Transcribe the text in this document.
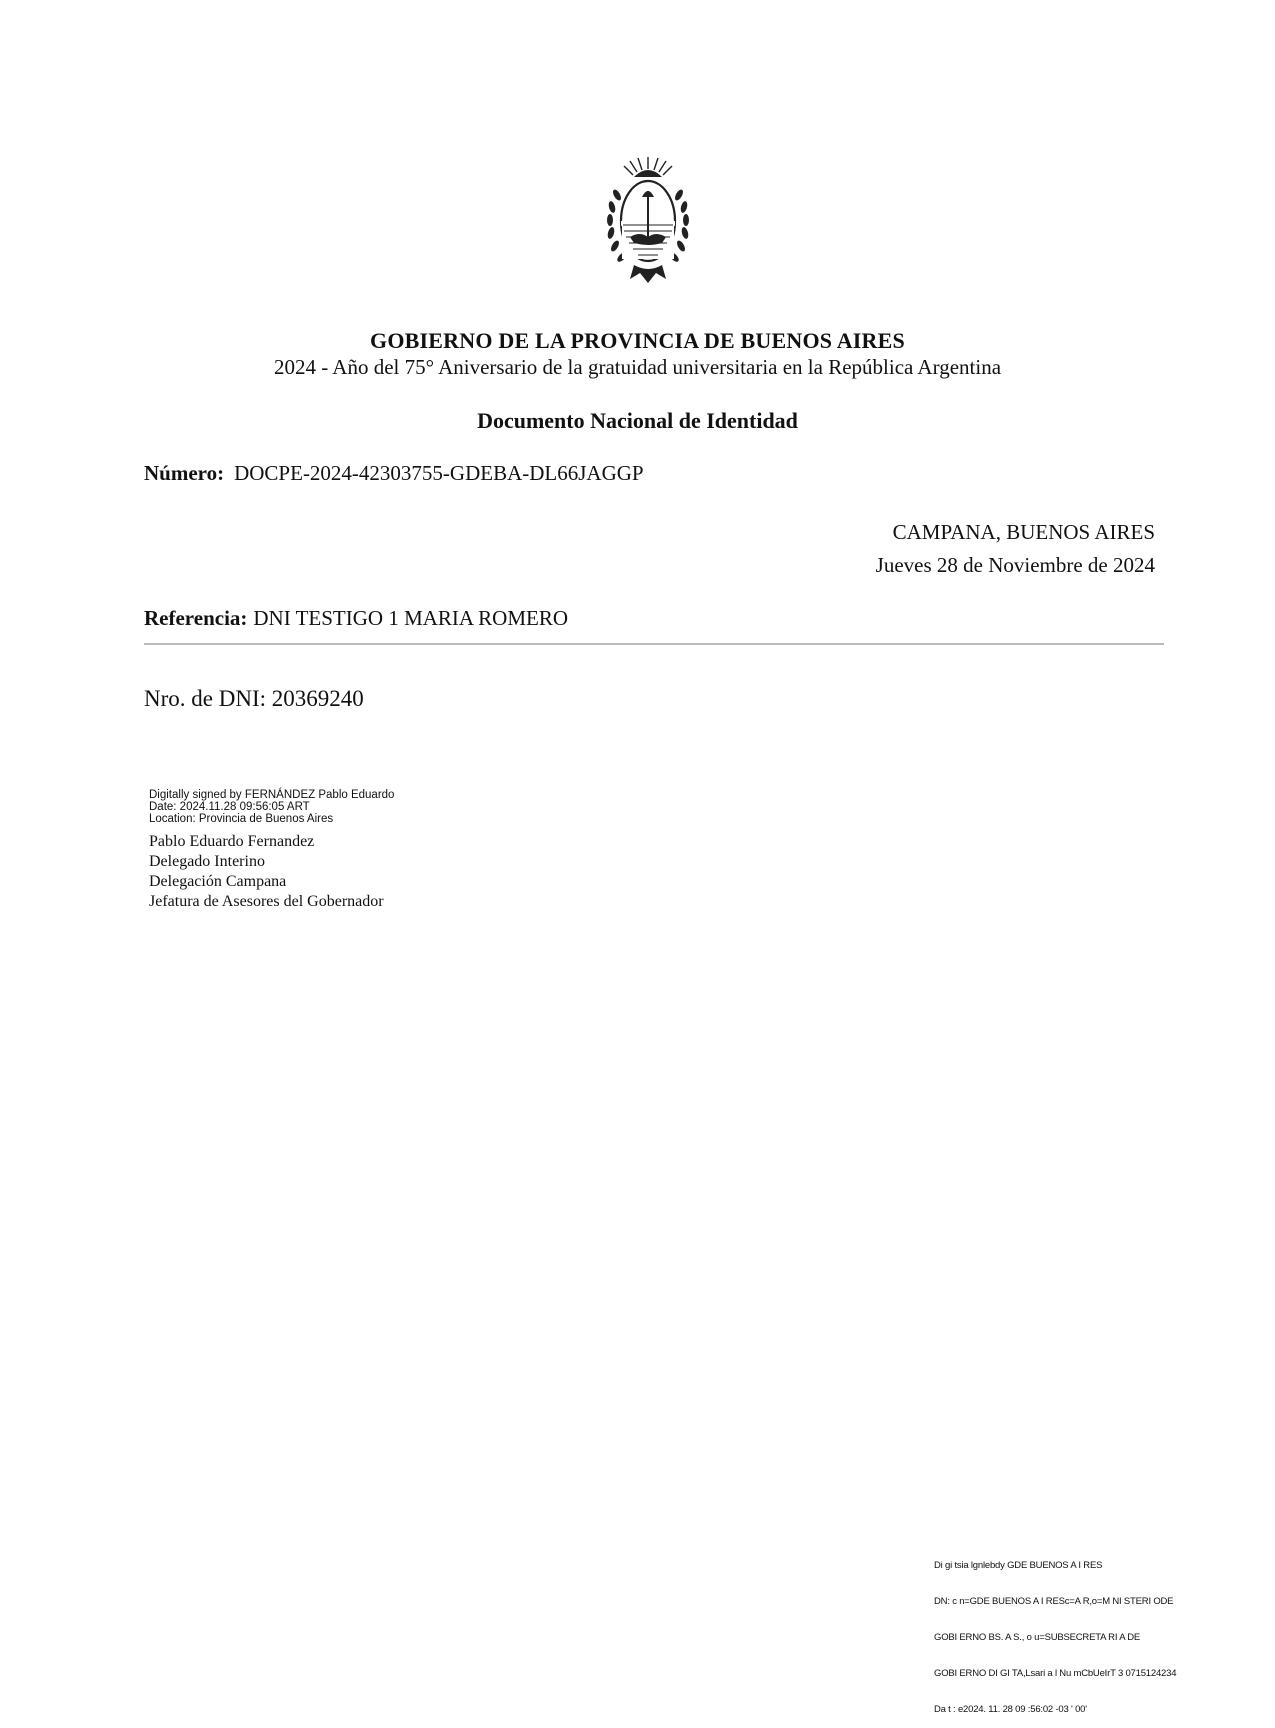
GOBIERNO DE LA PROVINCIA DE BUENOS AIRES
2024 - Año del 75° Aniversario de la gratuidad universitaria en la República Argentina
Documento Nacional de Identidad
Número: DOCPE-2024-42303755-GDEBA-DL66JAGGP
CAMPANA, BUENOS AIRES
Jueves 28 de Noviembre de 2024
Referencia: DNI TESTIGO 1 MARIA ROMERO
Nro. de DNI: 20369240
Digitally signed by FERNÁNDEZ Pablo Eduardo
Date: 2024.11.28 09:56:05 ART
Location: Provincia de Buenos Aires
Pablo Eduardo Fernandez
Delegado Interino
Delegación Campana
Jefatura de Asesores del Gobernador

Di gi tsia lgnlebdy GDE BUENOS A I RES

DN: c n=GDE BUENOS A I RESc=A R,o=M NI STERI ODE

GOBI ERNO BS. A S., o u=SUBSECRETA RI A DE

GOBI ERNO DI GI TA,Lsari a l Nu mCbUeIrT 3 0715124234

Da t : e2024. 11. 28 09 :56:02 -03 ' 00'
